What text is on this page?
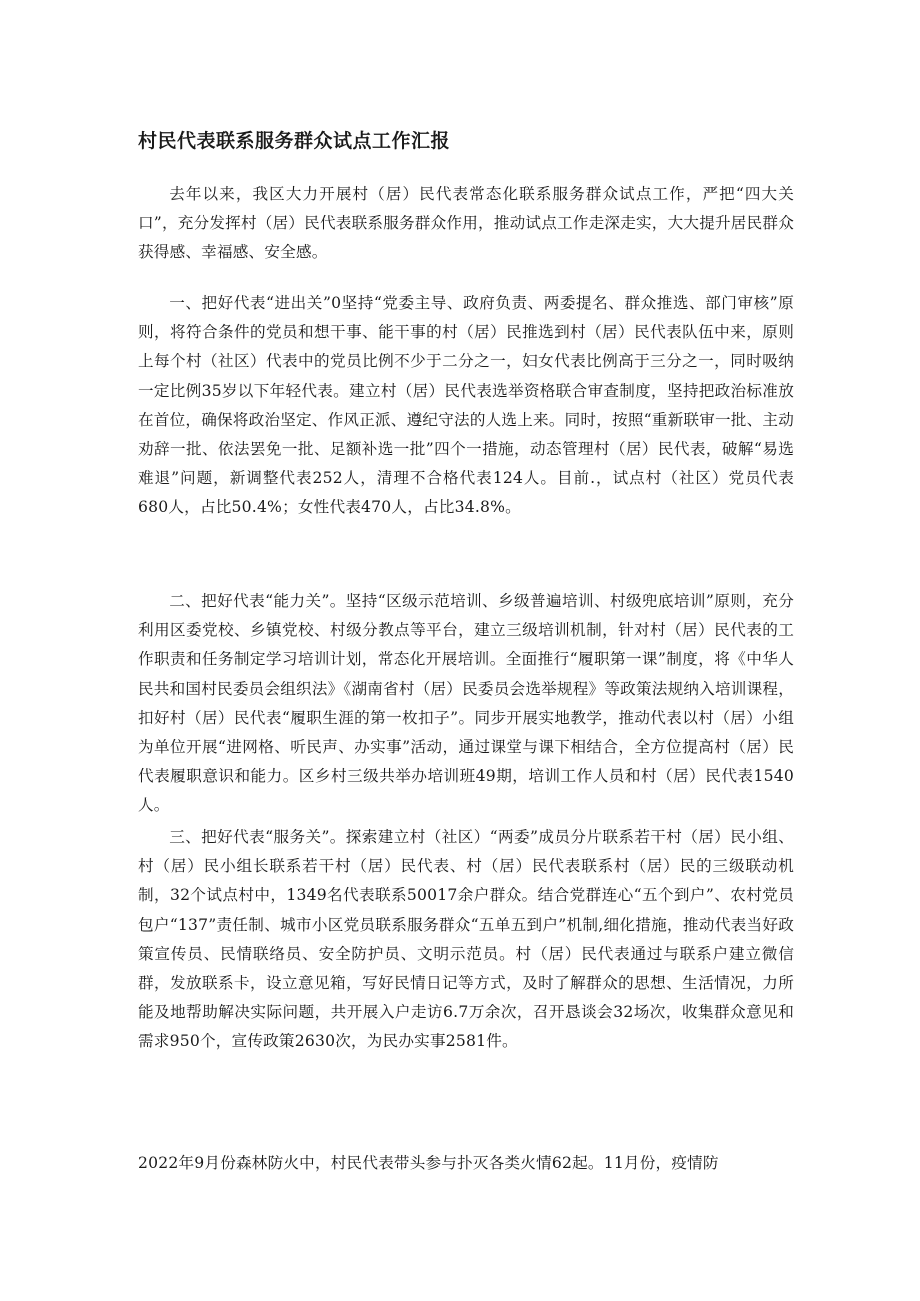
村民代表联系服务群众试点工作汇报

去年以来，我区大力开展村（居）民代表常态化联系服务群众试点工作，严把“四大关口”，充分发挥村（居）民代表联系服务群众作用，推动试点工作走深走实，大大提升居民群众获得感、幸福感、安全感。

一、把好代表“进出关”0坚持“党委主导、政府负责、两委提名、群众推选、部门审核”原则，将符合条件的党员和想干事、能干事的村（居）民推选到村（居）民代表队伍中来，原则上每个村（社区）代表中的党员比例不少于二分之一，妇女代表比例高于三分之一，同时吸纳一定比例35岁以下年轻代表。建立村（居）民代表选举资格联合审查制度，坚持把政治标准放在首位，确保将政治坚定、作风正派、遵纪守法的人选上来。同时，按照“重新联审一批、主动劝辞一批、依法罢免一批、足额补选一批”四个一措施，动态管理村（居）民代表，破解“易选难退”问题，新调整代表252人，清理不合格代表124人。目前.，试点村（社区）党员代表680人，占比50.4%；女性代表470人，占比34.8%。

二、把好代表“能力关”。坚持“区级示范培训、乡级普遍培训、村级兜底培训”原则，充分利用区委党校、乡镇党校、村级分教点等平台，建立三级培训机制，针对村（居）民代表的工作职责和任务制定学习培训计划，常态化开展培训。全面推行“履职第一课”制度，将《中华人民共和国村民委员会组织法》《湖南省村（居）民委员会选举规程》等政策法规纳入培训课程，扣好村（居）民代表“履职生涯的第一枚扣子”。同步开展实地教学，推动代表以村（居）小组为单位开展“进网格、听民声、办实事”活动，通过课堂与课下相结合，全方位提高村（居）民代表履职意识和能力。区乡村三级共举办培训班49期，培训工作人员和村（居）民代表1540人。

三、把好代表“服务关”。探索建立村（社区）“两委”成员分片联系若干村（居）民小组、村（居）民小组长联系若干村（居）民代表、村（居）民代表联系村（居）民的三级联动机制，32个试点村中，1349名代表联系50017余户群众。结合党群连心“五个到户”、农村党员包户“137”责任制、城市小区党员联系服务群众“五单五到户”机制,细化措施，推动代表当好政策宣传员、民情联络员、安全防护员、文明示范员。村（居）民代表通过与联系户建立微信群，发放联系卡，设立意见箱，写好民情日记等方式，及时了解群众的思想、生活情况，力所能及地帮助解决实际问题，共开展入户走访6.7万余次，召开恳谈会32场次，收集群众意见和需求950个，宣传政策2630次，为民办实事2581件。

2022年9月份森林防火中，村民代表带头参与扑灭各类火情62起。11月份，疫情防
